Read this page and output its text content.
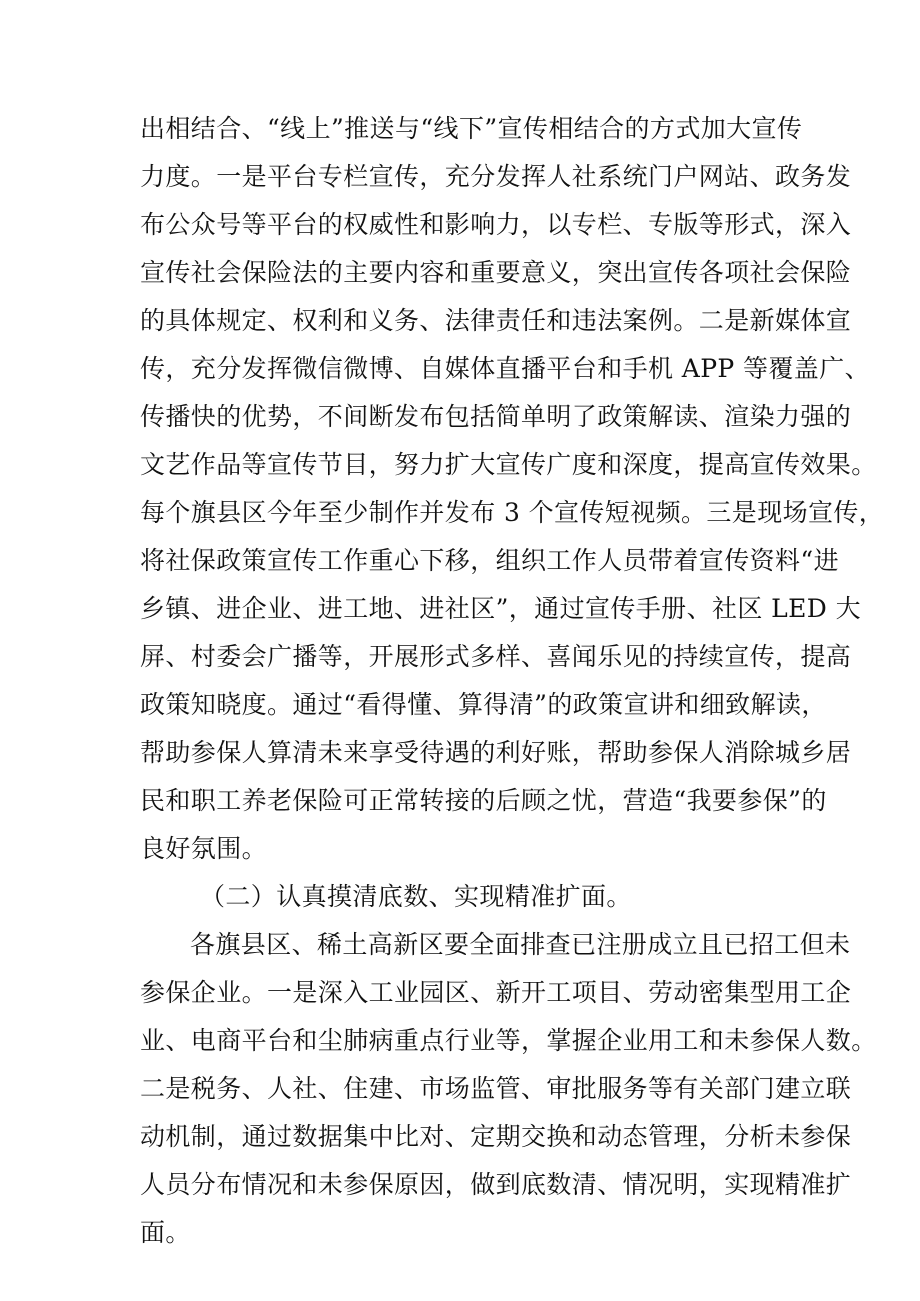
出相结合、“线上”推送与“线下”宣传相结合的方式加大宣传
力度。一是平台专栏宣传，充分发挥人社系统门户网站、政务发
布公众号等平台的权威性和影响力，以专栏、专版等形式，深入
宣传社会保险法的主要内容和重要意义，突出宣传各项社会保险
的具体规定、权利和义务、法律责任和违法案例。二是新媒体宣
传，充分发挥微信微博、自媒体直播平台和手机 APP 等覆盖广、
传播快的优势，不间断发布包括简单明了政策解读、渲染力强的
文艺作品等宣传节目，努力扩大宣传广度和深度，提高宣传效果。
每个旗县区今年至少制作并发布 3 个宣传短视频。三是现场宣传，
将社保政策宣传工作重心下移，组织工作人员带着宣传资料“进
乡镇、进企业、进工地、进社区”，通过宣传手册、社区 LED 大
屏、村委会广播等，开展形式多样、喜闻乐见的持续宣传，提高
政策知晓度。通过“看得懂、算得清”的政策宣讲和细致解读，
帮助参保人算清未来享受待遇的利好账，帮助参保人消除城乡居
民和职工养老保险可正常转接的后顾之忧，营造“我要参保”的
良好氛围。
（二）认真摸清底数、实现精准扩面。
各旗县区、稀土高新区要全面排查已注册成立且已招工但未
参保企业。一是深入工业园区、新开工项目、劳动密集型用工企
业、电商平台和尘肺病重点行业等，掌握企业用工和未参保人数。
二是税务、人社、住建、市场监管、审批服务等有关部门建立联
动机制，通过数据集中比对、定期交换和动态管理，分析未参保
人员分布情况和未参保原因，做到底数清、情况明，实现精准扩
面。
